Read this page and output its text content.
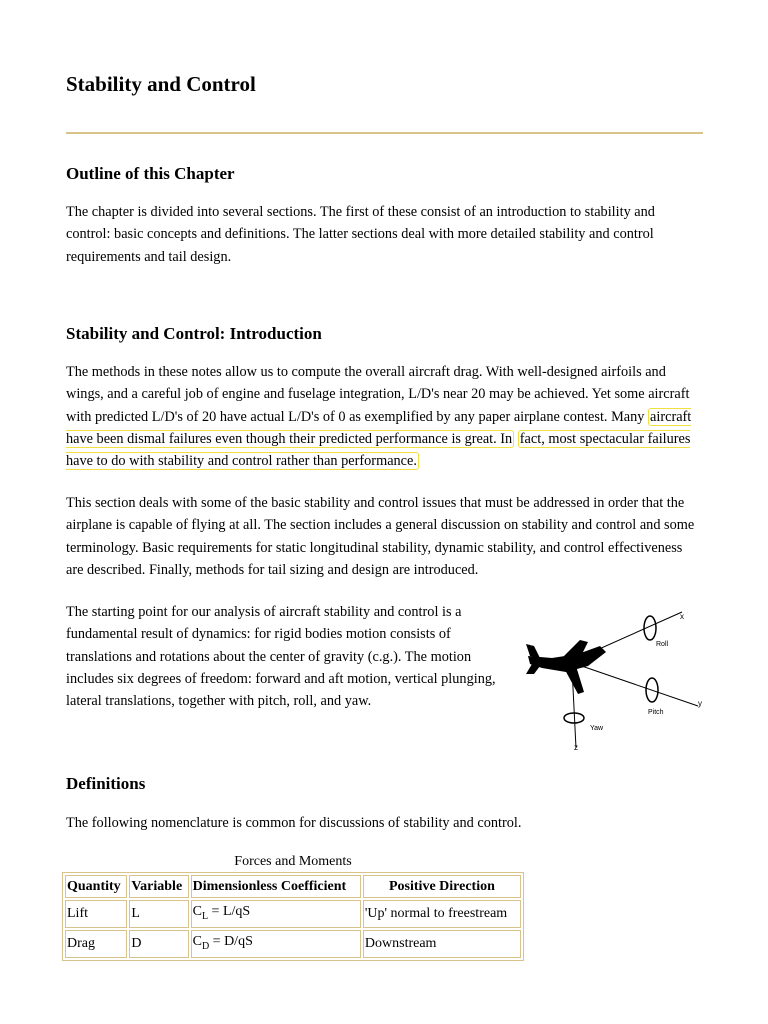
Stability and Control
Outline of this Chapter

The chapter is divided into several sections. The first of these consist of an introduction to stability and control: basic concepts and definitions. The latter sections deal with more detailed stability and control requirements and tail design.

Stability and Control: Introduction

The methods in these notes allow us to compute the overall aircraft drag. With well-designed airfoils and wings, and a careful job of engine and fuselage integration, L/D's near 20 may be achieved. Yet some aircraft with predicted L/D's of 20 have actual L/D's of 0 as exemplified by any paper airplane contest. Many aircraft have been dismal failures even though their predicted performance is great. In fact, most spectacular failures have to do with stability and control rather than performance.

This section deals with some of the basic stability and control issues that must be addressed in order that the airplane is capable of flying at all. The section includes a general discussion on stability and control and some terminology. Basic requirements for static longitudinal stability, dynamic stability, and control effectiveness are described. Finally, methods for tail sizing and design are introduced.

The starting point for our analysis of aircraft stability and control is a fundamental result of dynamics: for rigid bodies motion consists of translations and rotations about the center of gravity (c.g.). The motion includes six degrees of freedom: forward and aft motion, vertical plunging, lateral translations, together with pitch, roll, and yaw.

x
Roll
y
Pitch
Yaw
z
Definitions

The following nomenclature is common for discussions of stability and control.

Forces and Moments
Quantity	Variable	Dimensionless Coefficient	Positive Direction
Lift	L	$C_L = L/qS$	'Up' normal to freestream
Drag	D	$C_D = D/qS$	Downstream
